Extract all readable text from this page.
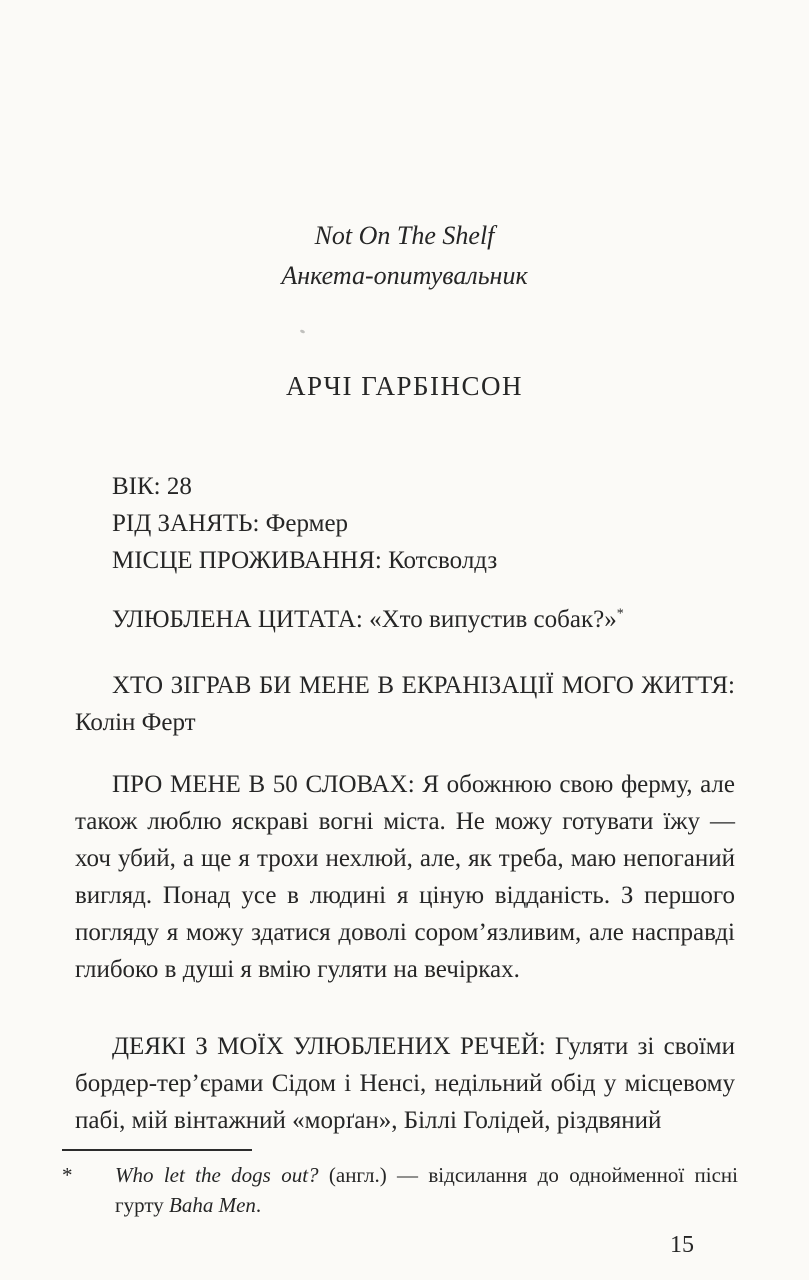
Not On The Shelf
Анкета-опитувальник
АРЧІ ГАРБІНСОН
ВІК: 28
РІД ЗАНЯТЬ: Фермер
МІСЦЕ ПРОЖИВАННЯ: Котсволдз
УЛЮБЛЕНА ЦИТАТА: «Хто випустив собак?»*
ХТО ЗІГРАВ БИ МЕНЕ В ЕКРАНІЗАЦІЇ МОГО ЖИТТЯ: Колін Ферт
ПРО МЕНЕ В 50 СЛОВАХ: Я обожнюю свою ферму, але також люблю яскраві вогні міста. Не можу готувати їжу — хоч убий, а ще я трохи нехлюй, але, як треба, маю непоганий вигляд. Понад усе в людині я ціную відданість. З першого погляду я можу здатися доволі сором’язливим, але насправді глибоко в душі я вмію гуляти на вечірках.
ДЕЯКІ З МОЇХ УЛЮБЛЕНИХ РЕЧЕЙ: Гуляти зі своїми бордер-тер’єрами Сідом і Ненсі, недільний обід у місцевому пабі, мій вінтажний «морґан», Біллі Голідей, різдвяний
*	Who let the dogs out? (англ.) — відсилання до однойменної пісні гурту Baha Men.
15
